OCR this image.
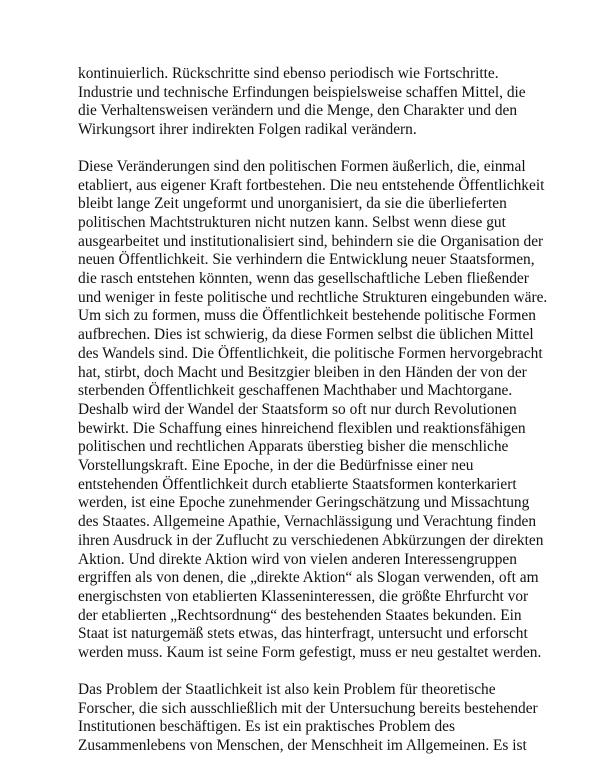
kontinuierlich. Rückschritte sind ebenso periodisch wie Fortschritte.
Industrie und technische Erfindungen beispielsweise schaffen Mittel, die
die Verhaltensweisen verändern und die Menge, den Charakter und den
Wirkungsort ihrer indirekten Folgen radikal verändern.

Diese Veränderungen sind den politischen Formen äußerlich, die, einmal
etabliert, aus eigener Kraft fortbestehen. Die neu entstehende Öffentlichkeit
bleibt lange Zeit ungeformt und unorganisiert, da sie die überlieferten
politischen Machtstrukturen nicht nutzen kann. Selbst wenn diese gut
ausgearbeitet und institutionalisiert sind, behindern sie die Organisation der
neuen Öffentlichkeit. Sie verhindern die Entwicklung neuer Staatsformen,
die rasch entstehen könnten, wenn das gesellschaftliche Leben fließender
und weniger in feste politische und rechtliche Strukturen eingebunden wäre.
Um sich zu formen, muss die Öffentlichkeit bestehende politische Formen
aufbrechen. Dies ist schwierig, da diese Formen selbst die üblichen Mittel
des Wandels sind. Die Öffentlichkeit, die politische Formen hervorgebracht
hat, stirbt, doch Macht und Besitzgier bleiben in den Händen der von der
sterbenden Öffentlichkeit geschaffenen Machthaber und Machtorgane.
Deshalb wird der Wandel der Staatsform so oft nur durch Revolutionen
bewirkt. Die Schaffung eines hinreichend flexiblen und reaktionsfähigen
politischen und rechtlichen Apparats überstieg bisher die menschliche
Vorstellungskraft. Eine Epoche, in der die Bedürfnisse einer neu
entstehenden Öffentlichkeit durch etablierte Staatsformen konterkariert
werden, ist eine Epoche zunehmender Geringschätzung und Missachtung
des Staates. Allgemeine Apathie, Vernachlässigung und Verachtung finden
ihren Ausdruck in der Zuflucht zu verschiedenen Abkürzungen der direkten
Aktion. Und direkte Aktion wird von vielen anderen Interessengruppen
ergriffen als von denen, die „direkte Aktion“ als Slogan verwenden, oft am
energischsten von etablierten Klasseninteressen, die größte Ehrfurcht vor
der etablierten „Rechtsordnung“ des bestehenden Staates bekunden. Ein
Staat ist naturgemäß stets etwas, das hinterfragt, untersucht und erforscht
werden muss. Kaum ist seine Form gefestigt, muss er neu gestaltet werden.

Das Problem der Staatlichkeit ist also kein Problem für theoretische
Forscher, die sich ausschließlich mit der Untersuchung bereits bestehender
Institutionen beschäftigen. Es ist ein praktisches Problem des
Zusammenlebens von Menschen, der Menschheit im Allgemeinen. Es ist
